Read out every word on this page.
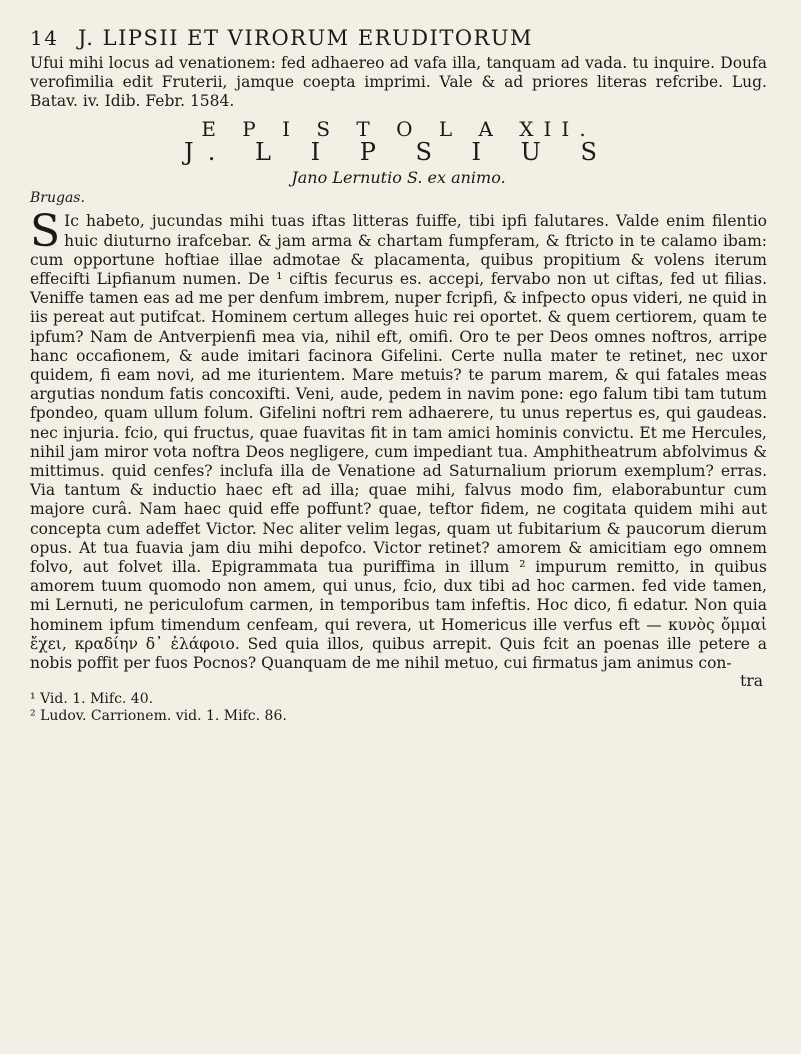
14 J. LIPSII ET VIRORUM ERUDITORUM

Ufui mihi locus ad venationem: fed adhaereo ad vafa illa, tanquam ad vada. tu inquire. Doufa verofimilia edit Fruterii, jamque coepta imprimi. Vale & ad priores literas refcribe. Lug. Batav. iv. Idib. Febr. 1584.

E P I S T O L A XII.
J. L I P S I U S
Jano Lernutio S. ex animo.
Brugas.

S Ic habeto, jucundas mihi tuas iftas litteras fuiffe, tibi ipfi falutares. Valde enim filentio huic diuturno irafcebar. & jam arma & chartam fumpferam, & ftricto in te calamo ibam: cum opportune hoftiae illae admotae & placamenta, quibus propitium & volens iterum effecifti Lipfianum numen. De ¹ ciftis fecurus es. accepi, fervabo non ut ciftas, fed ut filias. Veniffe tamen eas ad me per denfum imbrem, nuper fcripfi, & infpecto opus videri, ne quid in iis pereat aut putifcat. Hominem certum alleges huic rei oportet. & quem certiorem, quam te ipfum? Nam de Antverpienfi mea via, nihil eft, omifi. Oro te per Deos omnes noftros, arripe hanc occafionem, & aude imitari facinora Gifelini. Certe nulla mater te retinet, nec uxor quidem, fi eam novi, ad me iturientem. Mare metuis? te parum marem, & qui fatales meas argutias nondum fatis concoxifti. Veni, aude, pedem in navim pone: ego falum tibi tam tutum fpondeo, quam ullum folum. Gifelini noftri rem adhaerere, tu unus repertus es, qui gaudeas. nec injuria. fcio, qui fructus, quae fuavitas fit in tam amici hominis convictu. Et me Hercules, nihil jam miror vota noftra Deos negligere, cum impediant tua. Amphitheatrum abfolvimus & mittimus. quid cenfes? inclufa illa de Venatione ad Saturnalium priorum exemplum? erras. Via tantum & inductio haec eft ad illa; quae mihi, falvus modo fim, elaborabuntur cum majore curâ. Nam haec quid effe poffunt? quae, teftor fidem, ne cogitata quidem mihi aut concepta cum adeffet Victor. Nec aliter velim legas, quam ut fubitarium & paucorum dierum opus. At tua fuavia jam diu mihi depofco. Victor retinet? amorem & amicitiam ego omnem folvo, aut folvet illa. Epigrammata tua puriffima in illum ² impurum remitto, in quibus amorem tuum quomodo non amem, qui unus, fcio, dux tibi ad hoc carmen. fed vide tamen, mi Lernuti, ne periculofum carmen, in temporibus tam infeftis. Hoc dico, fi edatur. Non quia hominem ipfum timendum cenfeam, qui revera, ut Homericus ille verfus eft — κυνὸς ὄμμαἰ ἔχει, κραδίην δ᾽ ἐλάφοιο. Sed quia illos, quibus arrepit. Quis fcit an poenas ille petere a nobis poffit per fuos Pocnos? Quanquam de me nihil metuo, cui firmatus jam animus con-

tra
¹ Vid. 1. Mifc. 40.
² Ludov. Carrionem. vid. 1. Mifc. 86.
